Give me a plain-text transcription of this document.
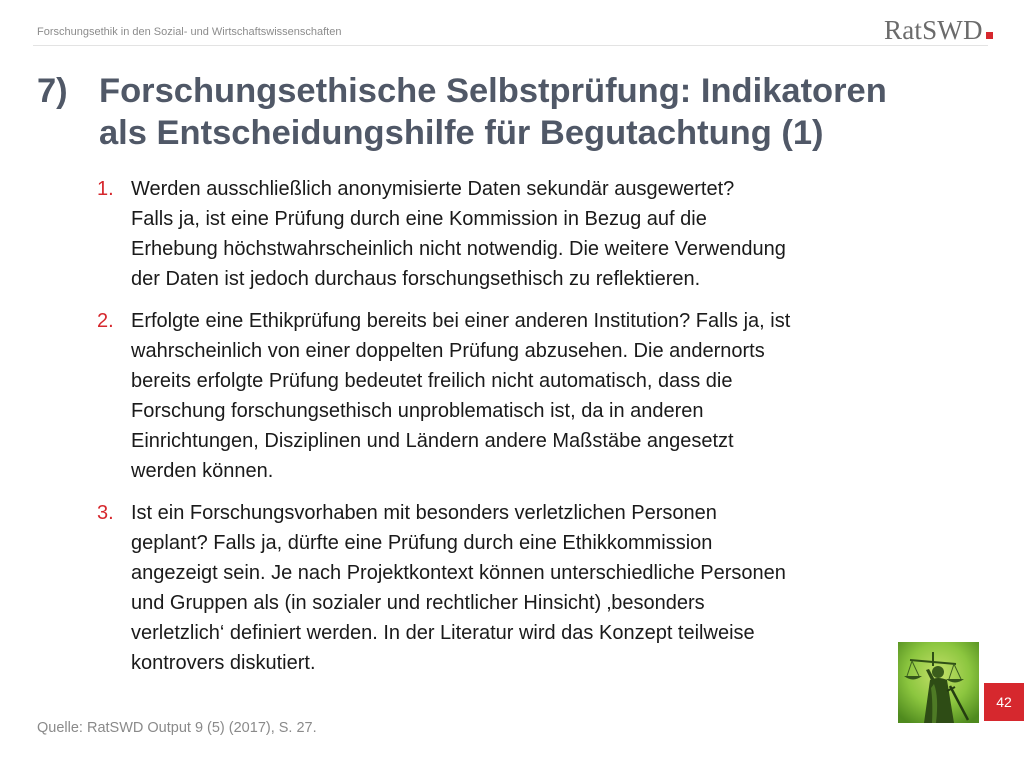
Forschungsethik in den Sozial- und Wirtschaftswissenschaften	RatSWD
7) Forschungsethische Selbstprüfung: Indikatoren
als Entscheidungshilfe für Begutachtung (1)
1. Werden ausschließlich anonymisierte Daten sekundär ausgewertet?
Falls ja, ist eine Prüfung durch eine Kommission in Bezug auf die
Erhebung höchstwahrscheinlich nicht notwendig. Die weitere Verwendung
der Daten ist jedoch durchaus forschungsethisch zu reflektieren.
2. Erfolgte eine Ethikprüfung bereits bei einer anderen Institution? Falls ja, ist
wahrscheinlich von einer doppelten Prüfung abzusehen. Die andernorts
bereits erfolgte Prüfung bedeutet freilich nicht automatisch, dass die
Forschung forschungsethisch unproblematisch ist, da in anderen
Einrichtungen, Disziplinen und Ländern andere Maßstäbe angesetzt
werden können.
3. Ist ein Forschungsvorhaben mit besonders verletzlichen Personen
geplant? Falls ja, dürfte eine Prüfung durch eine Ethikkommission
angezeigt sein. Je nach Projektkontext können unterschiedliche Personen
und Gruppen als (in sozialer und rechtlicher Hinsicht) ‚besonders
verletzlich‘ definiert werden. In der Literatur wird das Konzept teilweise
kontrovers diskutiert.
Quelle: RatSWD Output 9 (5) (2017), S. 27.
42
